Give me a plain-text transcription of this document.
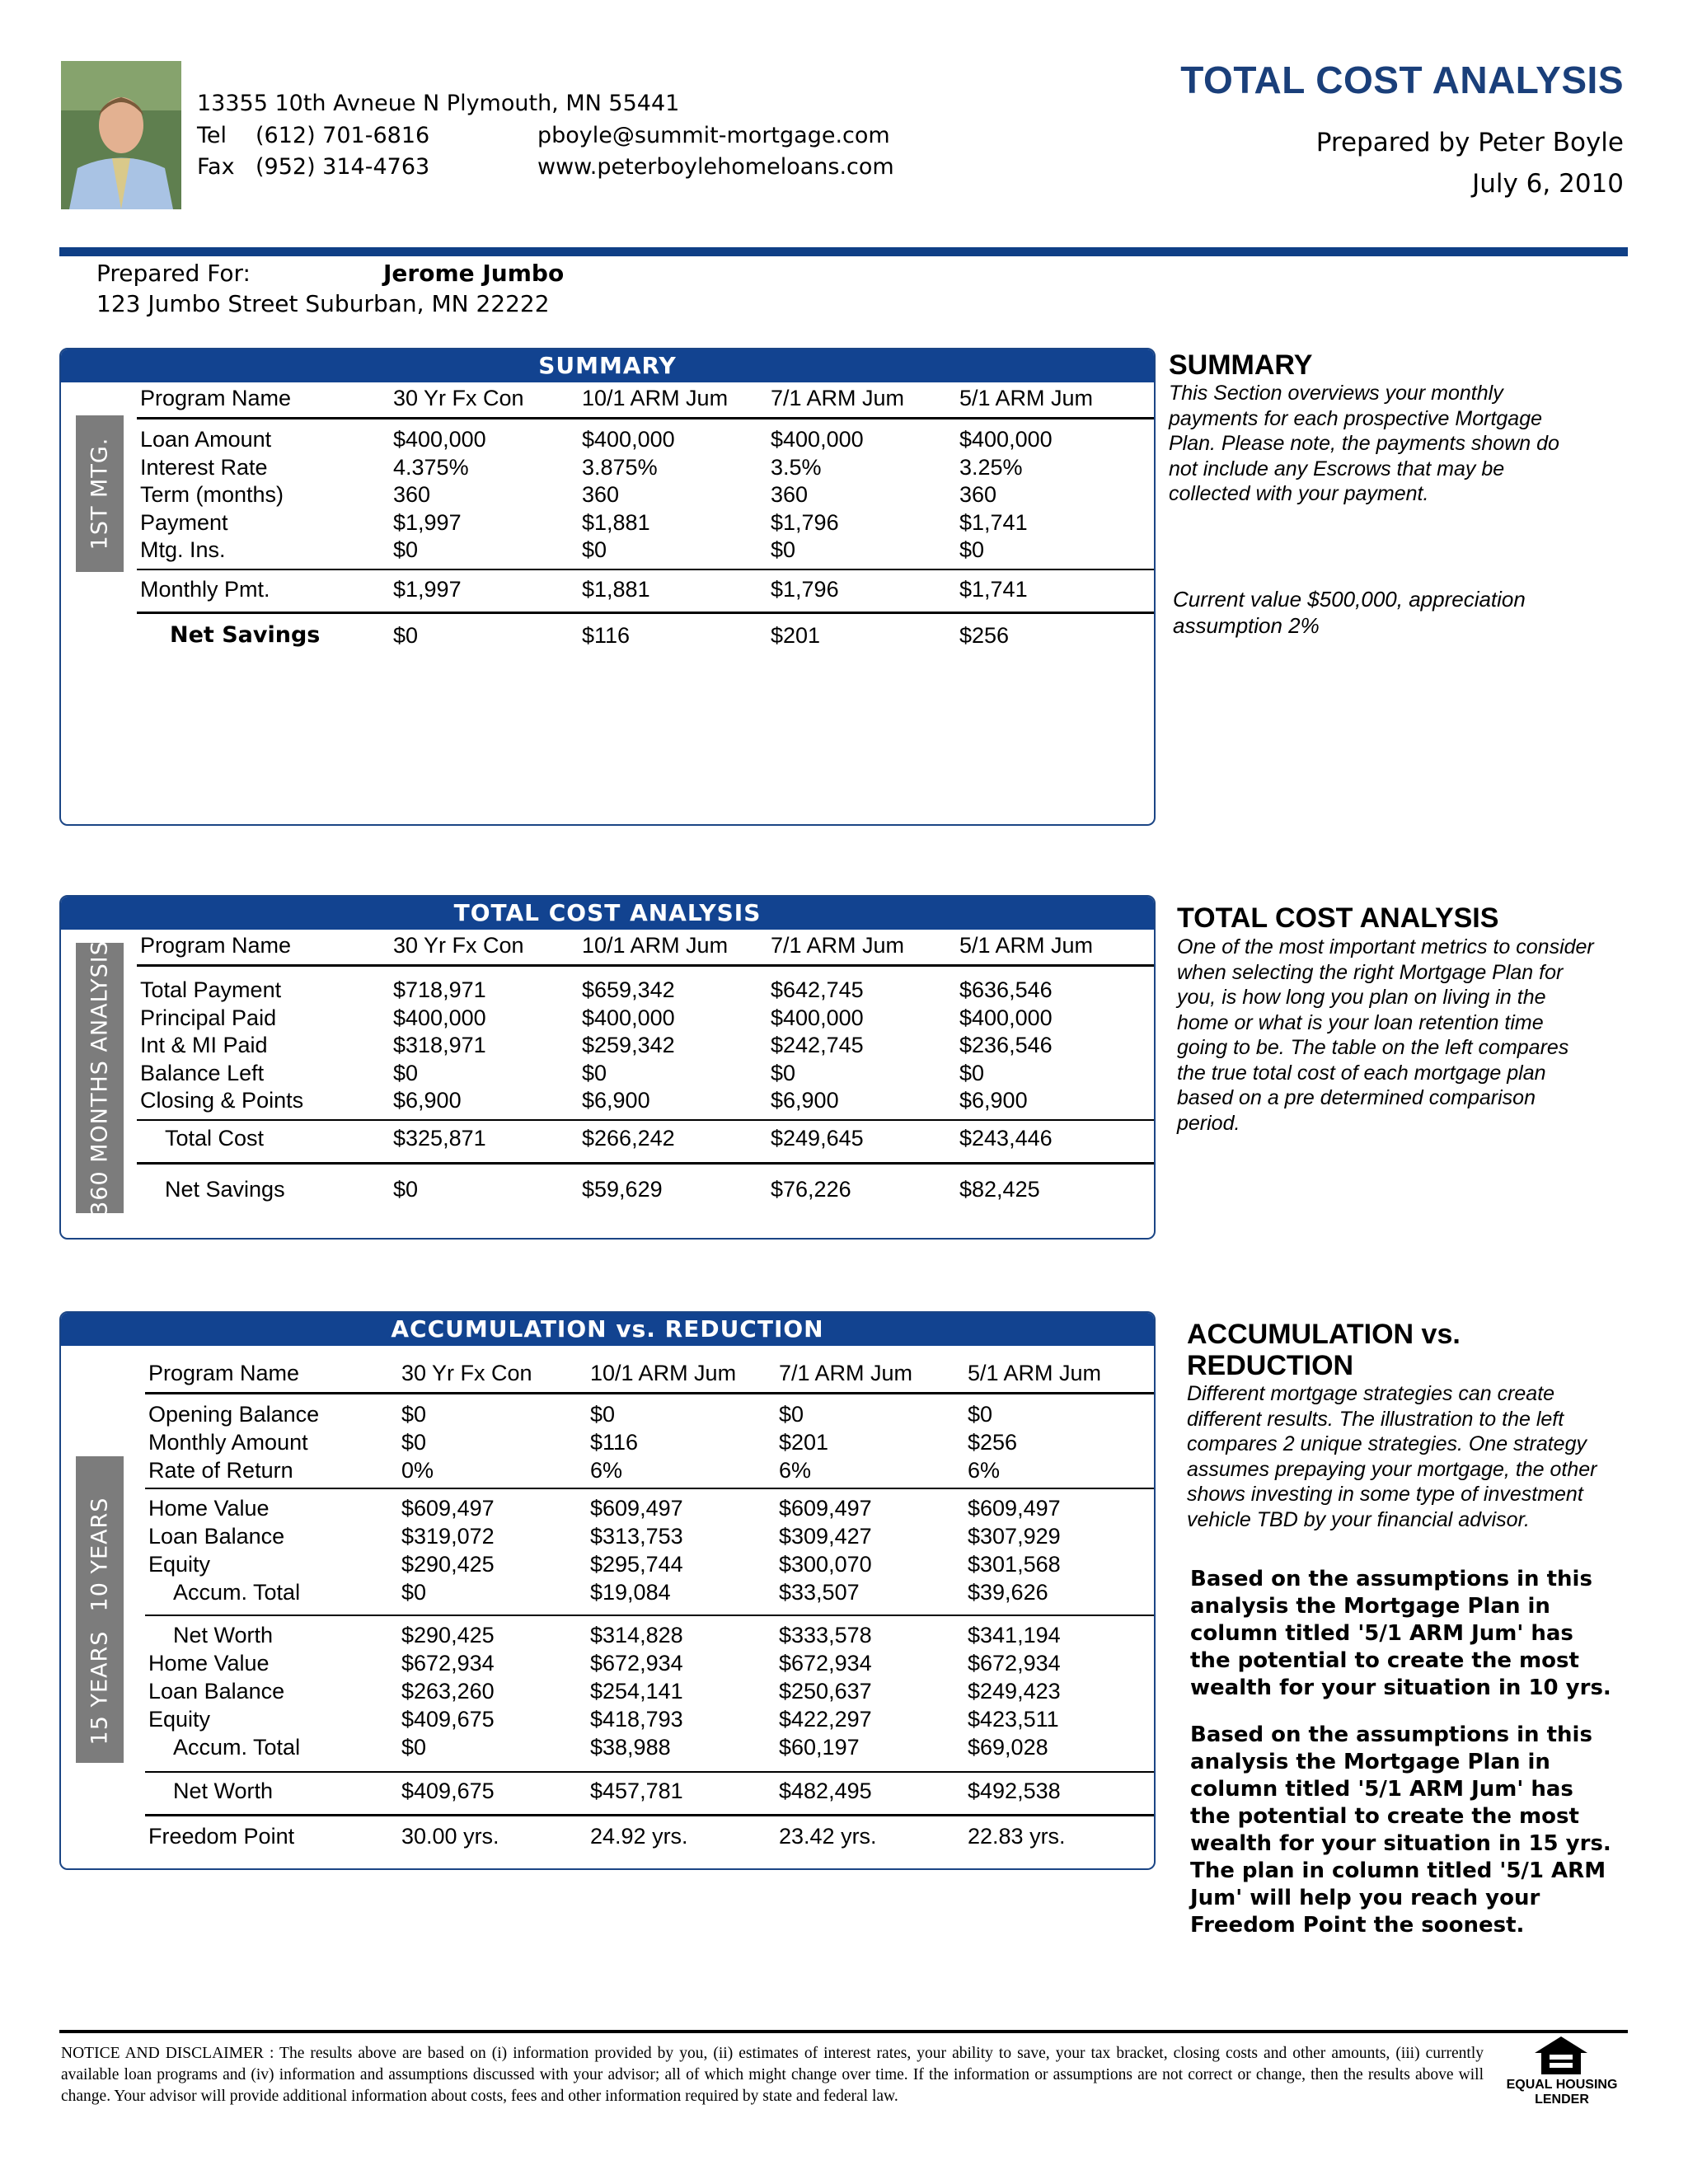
13355 10th Avneue N Plymouth, MN 55441
Tel (612) 701-6816
Fax (952) 314-4763
pboyle@summit-mortgage.com
www.peterboylehomeloans.com
TOTAL COST ANALYSIS
Prepared by Peter Boyle
July 6, 2010
Prepared For:	Jerome Jumbo
123 Jumbo Street Suburban, MN 22222
SUMMARY
1ST MTG.
Program Name	30 Yr Fx Con	10/1 ARM Jum 7/1 ARM Jum 5/1 ARM Jum
Loan Amount	$400,000	$400,000	$400,000	$400,000
Interest Rate	4.375%	3.875%	3.5%	3.25%
Term (months)	360	360	360	360
Payment	$1,997	$1,881	$1,796	$1,741
Mtg. Ins.	$0	$0	$0	$0
Monthly Pmt.	$1,997	$1,881	$1,796	$1,741
Net Savings	$0	$116	$201	$256
TOTAL COST ANALYSIS
360 MONTHS ANALYSIS Program Name	30 Yr Fx Con	10/1 ARM Jum 7/1 ARM Jum 5/1 ARM Jum
Total Payment	$718,971	$659,342	$642,745	$636,546
Principal Paid	$400,000	$400,000	$400,000	$400,000
Int & MI Paid	$318,971	$259,342	$242,745	$236,546
Balance Left	$0	$0	$0	$0
Closing & Points	$6,900	$6,900	$6,900	$6,900
Total Cost	$325,871	$266,242	$249,645	$243,446
Net Savings	$0	$59,629	$76,226	$82,425
ACCUMULATION vs. REDUCTION
10 YEARS
15 YEARS
Program Name	30 Yr Fx Con	10/1 ARM Jum 7/1 ARM Jum 5/1 ARM Jum
Opening Balance	$0	$0	$0	$0
Monthly Amount	$0	$116	$201	$256
Rate of Return	0%	6%	6%	6%
Home Value	$609,497	$609,497	$609,497	$609,497
Loan Balance	$319,072	$313,753	$309,427	$307,929
Equity	$290,425	$295,744	$300,070	$301,568
Accum. Total	$0	$19,084	$33,507	$39,626
Net Worth	$290,425	$314,828	$333,578	$341,194
Home Value	$672,934	$672,934	$672,934	$672,934
Loan Balance	$263,260	$254,141	$250,637	$249,423
Equity	$409,675	$418,793	$422,297	$423,511
Accum. Total	$0	$38,988	$60,197	$69,028
Net Worth	$409,675	$457,781	$482,495	$492,538
Freedom Point	30.00 yrs.	24.92 yrs.	23.42 yrs.	22.83 yrs.
SUMMARY
This Section overviews your monthly payments for each prospective Mortgage Plan. Please note, the payments shown do not include any Escrows that may be collected with your payment.
Current value $500,000, appreciation assumption 2%
TOTAL COST ANALYSIS
One of the most important metrics to consider when selecting the right Mortgage Plan for you, is how long you plan on living in the home or what is your loan retention time going to be. The table on the left compares the true total cost of each mortgage plan based on a pre determined comparison period.
ACCUMULATION vs. REDUCTION
Different mortgage strategies can create different results. The illustration to the left compares 2 unique strategies. One strategy assumes prepaying your mortgage, the other shows investing in some type of investment vehicle TBD by your financial advisor.
Based on the assumptions in this analysis the Mortgage Plan in column titled '5/1 ARM Jum' has the potential to create the most wealth for your situation in 10 yrs.
Based on the assumptions in this analysis the Mortgage Plan in column titled '5/1 ARM Jum' has the potential to create the most wealth for your situation in 15 yrs. The plan in column titled '5/1 ARM Jum' will help you reach your Freedom Point the soonest.
NOTICE AND DISCLAIMER : The results above are based on (i) information provided by you, (ii) estimates of interest rates, your ability to save, your tax bracket, closing costs and other amounts, (iii) currently available loan programs and (iv) information and assumptions discussed with your advisor; all of which might change over time. If the information or assumptions are not correct or change, then the results above will change. Your advisor will provide additional information about costs, fees and other information required by state and federal law.
EQUAL HOUSING
LENDER
